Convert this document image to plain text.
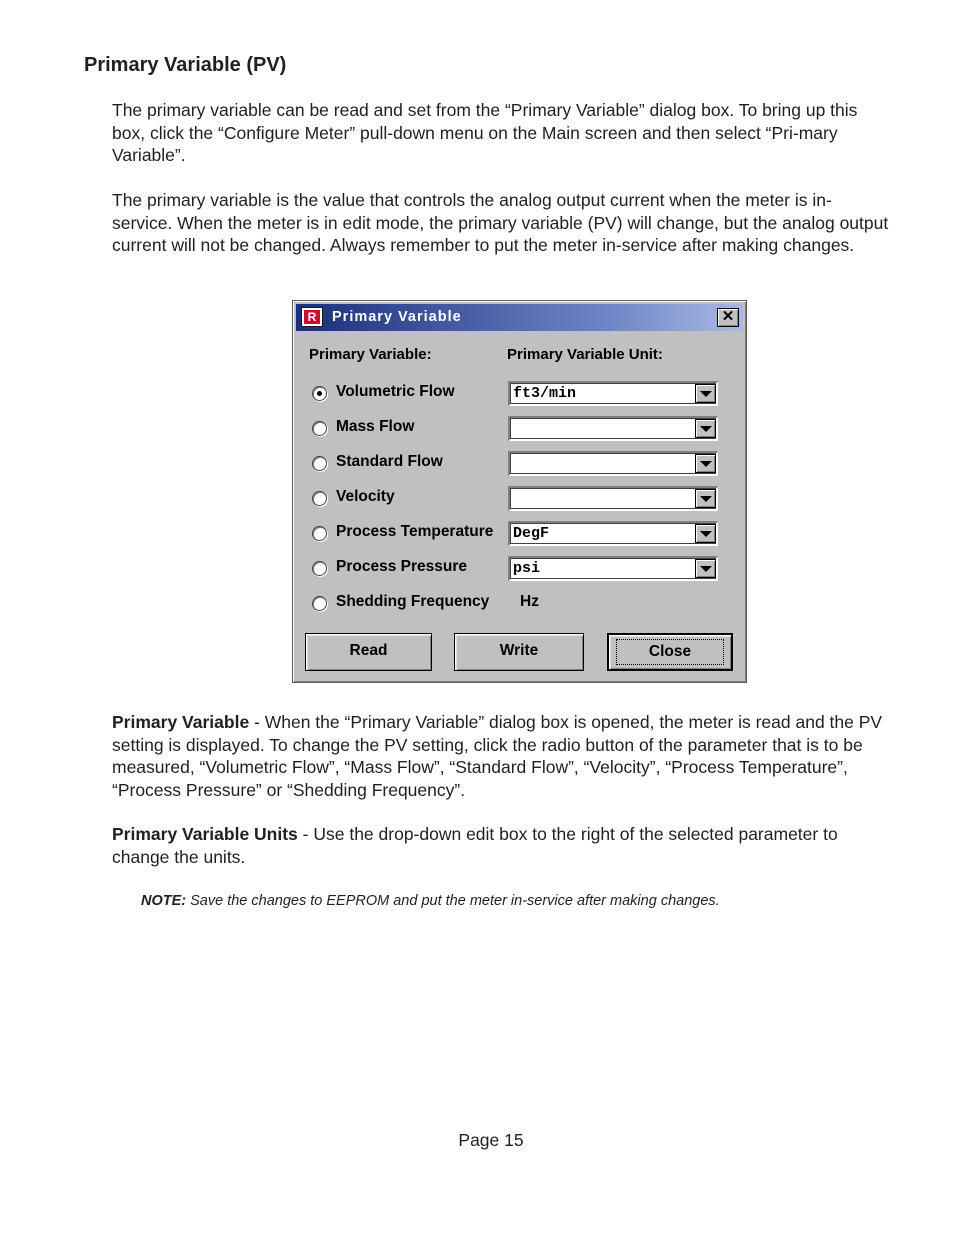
Primary Variable (PV)

The primary variable can be read and set from the “Primary Variable” dialog box. To bring up this box, click the “Configure Meter” pull-down menu on the Main screen and then select “Pri-mary Variable”.

The primary variable is the value that controls the analog output current when the meter is in-service. When the meter is in edit mode, the primary variable (PV) will change, but the analog output current will not be changed. Always remember to put the meter in-service after making changes.

R	Primary Variable	✕
Primary Variable:	Primary Variable Unit:
Volumetric Flow	ft3/min
Mass Flow
Standard Flow
Velocity
Process Temperature DegF
Process Pressure	psi
Shedding Frequency Hz
Read	Write	Close

Primary Variable - When the “Primary Variable” dialog box is opened, the meter is read and the PV setting is displayed. To change the PV setting, click the radio button of the parameter that is to be measured, “Volumetric Flow”, “Mass Flow”, “Standard Flow”, “Velocity”, “Process Temperature”, “Process Pressure” or “Shedding Frequency”.

Primary Variable Units - Use the drop-down edit box to the right of the selected parameter to change the units.

NOTE: Save the changes to EEPROM and put the meter in-service after making changes.

Page 15
